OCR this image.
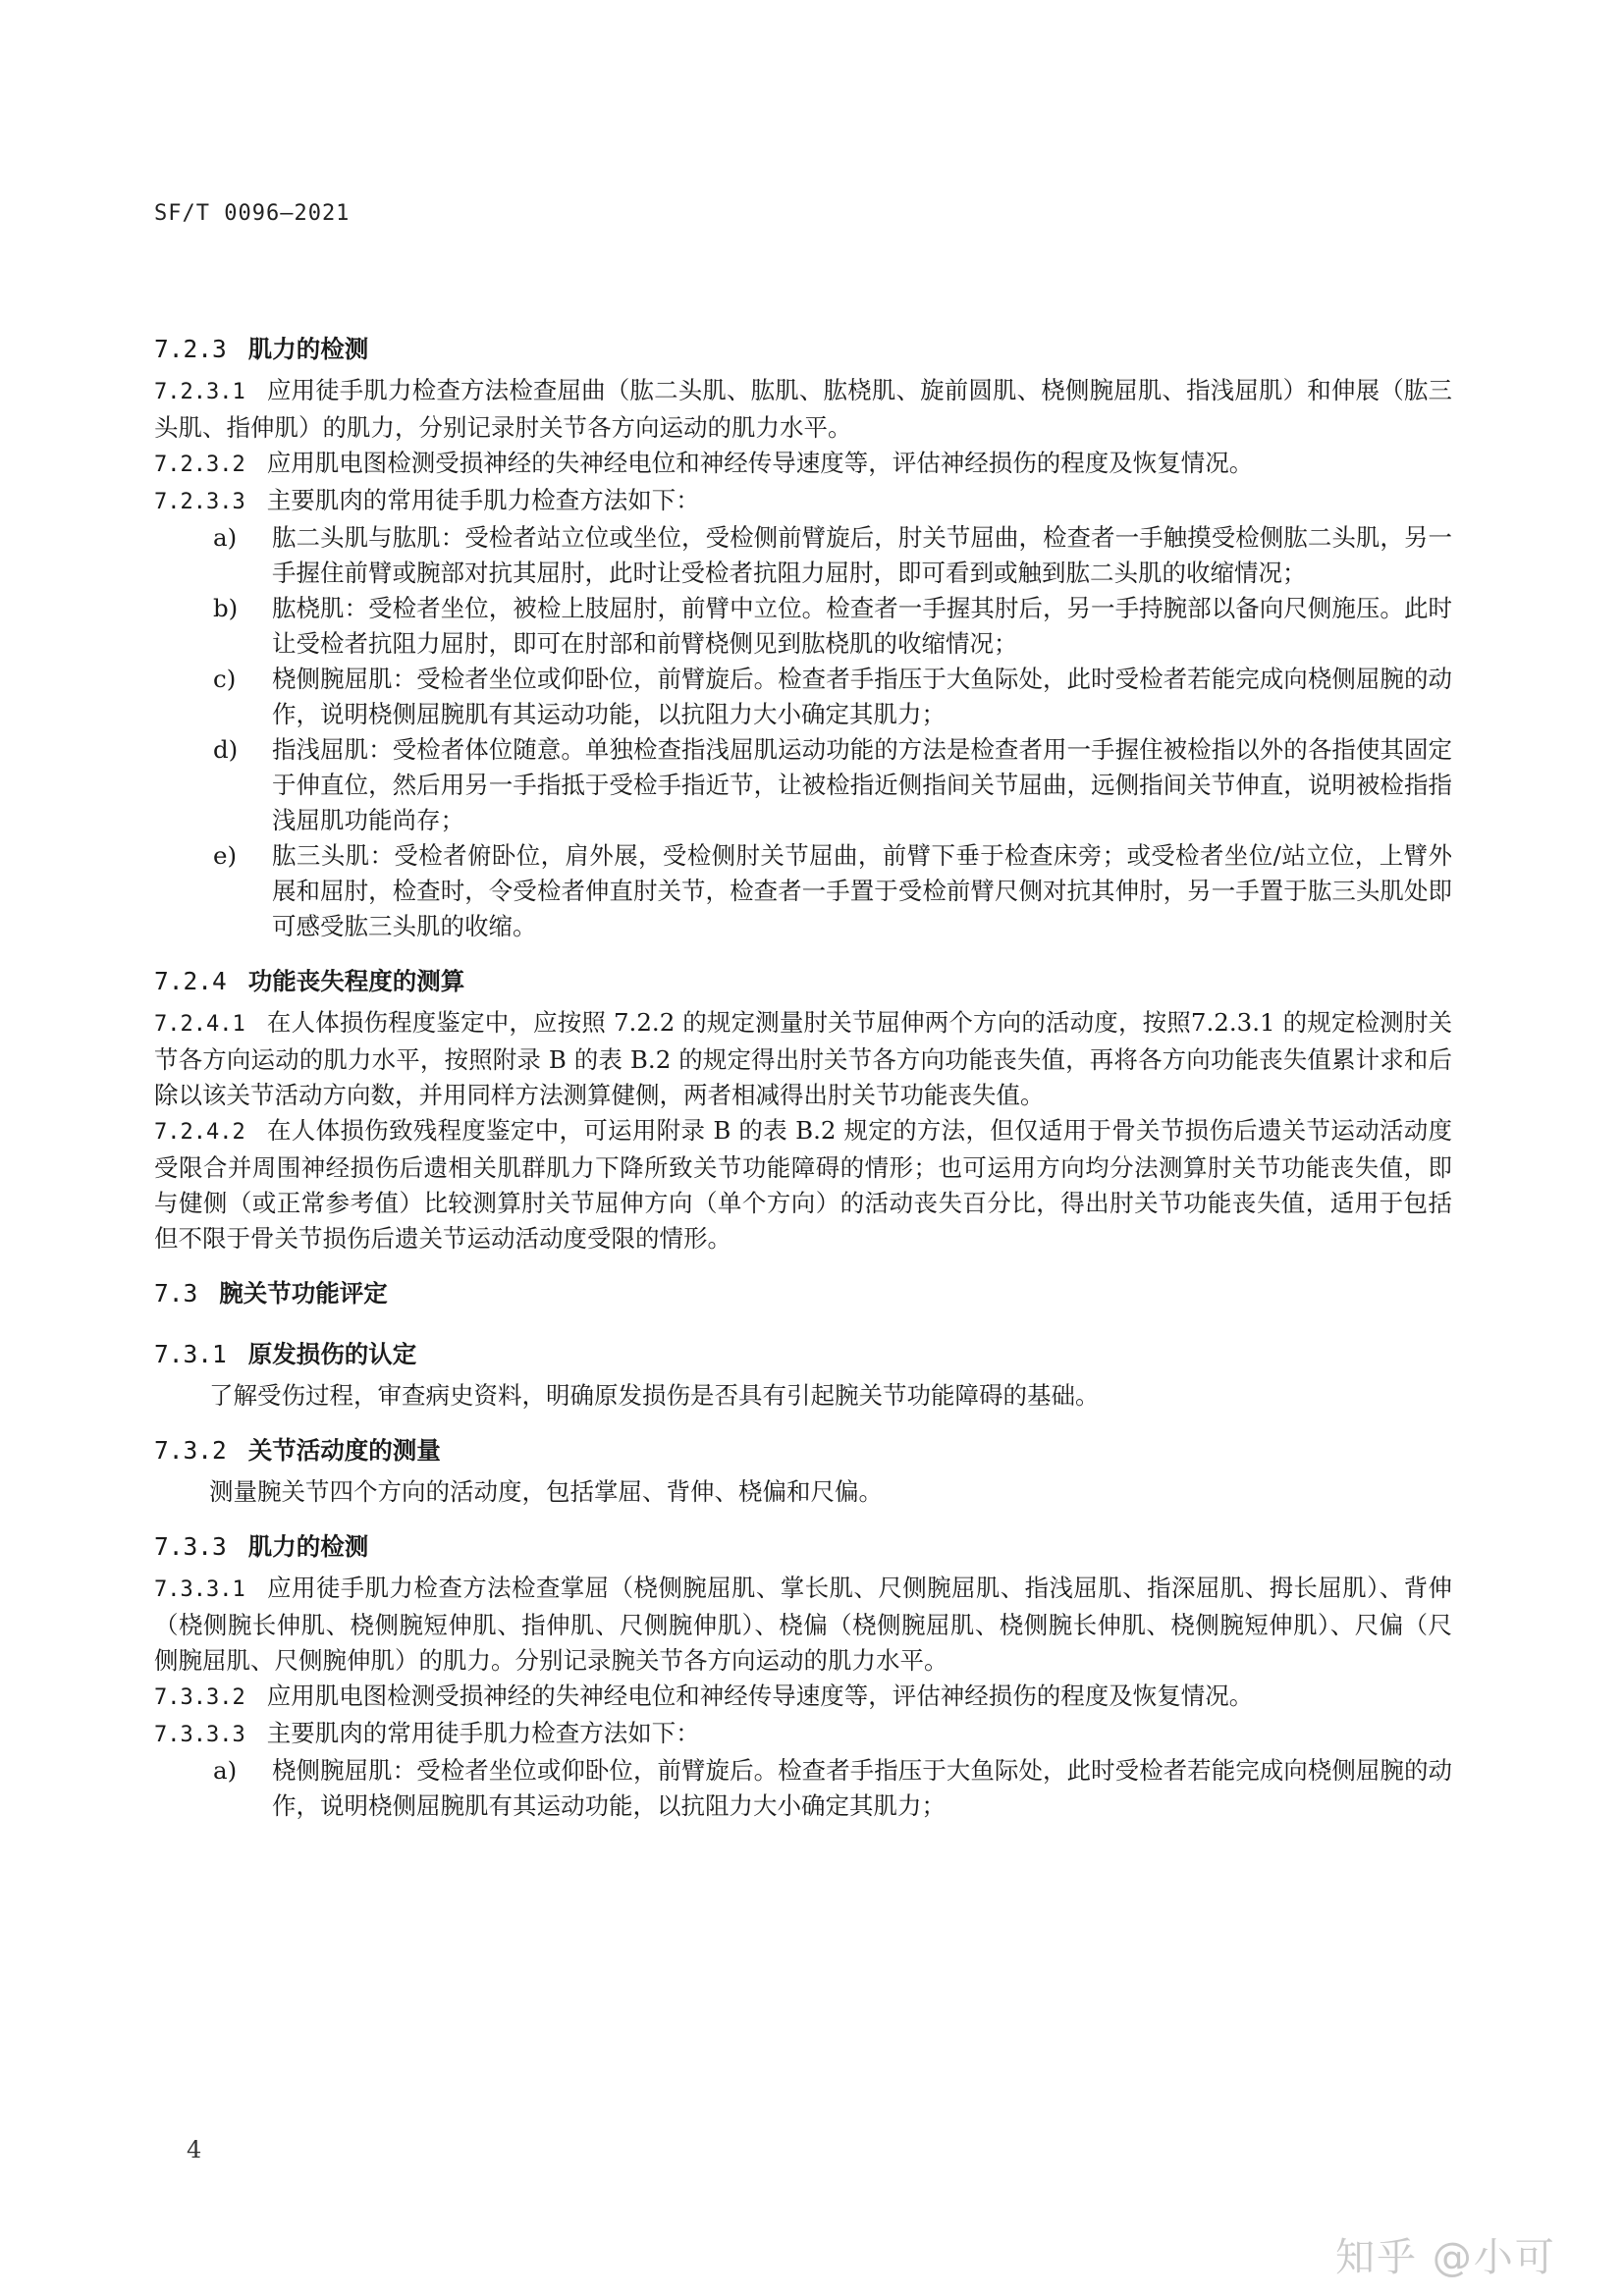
SF/T 0096—2021
7.2.3 肌力的检测

7.2.3.1 应用徒手肌力检查方法检查屈曲（肱二头肌、肱肌、肱桡肌、旋前圆肌、桡侧腕屈肌、指浅屈肌）和伸展（肱三头肌、指伸肌）的肌力，分别记录肘关节各方向运动的肌力水平。

7.2.3.2 应用肌电图检测受损神经的失神经电位和神经传导速度等，评估神经损伤的程度及恢复情况。

7.2.3.3 主要肌肉的常用徒手肌力检查方法如下：

a)	肱二头肌与肱肌：受检者站立位或坐位，受检侧前臂旋后，肘关节屈曲，检查者一手触摸受检侧肱二头肌，另一手握住前臂或腕部对抗其屈肘，此时让受检者抗阻力屈肘，即可看到或触到肱二头肌的收缩情况；
b)	肱桡肌：受检者坐位，被检上肢屈肘，前臂中立位。检查者一手握其肘后，另一手持腕部以备向尺侧施压。此时让受检者抗阻力屈肘，即可在肘部和前臂桡侧见到肱桡肌的收缩情况；
c)	桡侧腕屈肌：受检者坐位或仰卧位，前臂旋后。检查者手指压于大鱼际处，此时受检者若能完成向桡侧屈腕的动作，说明桡侧屈腕肌有其运动功能，以抗阻力大小确定其肌力；
d)	指浅屈肌：受检者体位随意。单独检查指浅屈肌运动功能的方法是检查者用一手握住被检指以外的各指使其固定于伸直位，然后用另一手指抵于受检手指近节，让被检指近侧指间关节屈曲，远侧指间关节伸直，说明被检指指浅屈肌功能尚存；
e)	肱三头肌：受检者俯卧位，肩外展，受检侧肘关节屈曲，前臂下垂于检查床旁；或受检者坐位/站立位，上臂外展和屈肘，检查时，令受检者伸直肘关节，检查者一手置于受检前臂尺侧对抗其伸肘，另一手置于肱三头肌处即可感受肱三头肌的收缩。
7.2.4 功能丧失程度的测算

7.2.4.1 在人体损伤程度鉴定中，应按照 7.2.2 的规定测量肘关节屈伸两个方向的活动度，按照7.2.3.1 的规定检测肘关节各方向运动的肌力水平，按照附录 B 的表 B.2 的规定得出肘关节各方向功能丧失值，再将各方向功能丧失值累计求和后除以该关节活动方向数，并用同样方法测算健侧，两者相减得出肘关节功能丧失值。

7.2.4.2 在人体损伤致残程度鉴定中，可运用附录 B 的表 B.2 规定的方法，但仅适用于骨关节损伤后遗关节运动活动度受限合并周围神经损伤后遗相关肌群肌力下降所致关节功能障碍的情形；也可运用方向均分法测算肘关节功能丧失值，即与健侧（或正常参考值）比较测算肘关节屈伸方向（单个方向）的活动丧失百分比，得出肘关节功能丧失值，适用于包括但不限于骨关节损伤后遗关节运动活动度受限的情形。

7.3 腕关节功能评定
7.3.1 原发损伤的认定

了解受伤过程，审查病史资料，明确原发损伤是否具有引起腕关节功能障碍的基础。

7.3.2 关节活动度的测量

测量腕关节四个方向的活动度，包括掌屈、背伸、桡偏和尺偏。

7.3.3 肌力的检测

7.3.3.1 应用徒手肌力检查方法检查掌屈（桡侧腕屈肌、掌长肌、尺侧腕屈肌、指浅屈肌、指深屈肌、拇长屈肌）、背伸（桡侧腕长伸肌、桡侧腕短伸肌、指伸肌、尺侧腕伸肌）、桡偏（桡侧腕屈肌、桡侧腕长伸肌、桡侧腕短伸肌）、尺偏（尺侧腕屈肌、尺侧腕伸肌）的肌力。分别记录腕关节各方向运动的肌力水平。

7.3.3.2 应用肌电图检测受损神经的失神经电位和神经传导速度等，评估神经损伤的程度及恢复情况。

7.3.3.3 主要肌肉的常用徒手肌力检查方法如下：

a)	桡侧腕屈肌：受检者坐位或仰卧位，前臂旋后。检查者手指压于大鱼际处，此时受检者若能完成向桡侧屈腕的动作，说明桡侧屈腕肌有其运动功能，以抗阻力大小确定其肌力；
4
知乎 @小可
